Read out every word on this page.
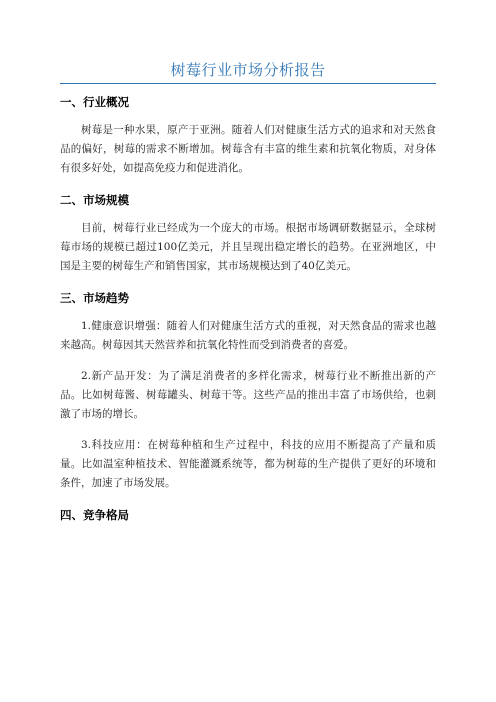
树莓行业市场分析报告

一、行业概况

树莓是一种水果，原产于亚洲。随着人们对健康生活方式的追求和对天然食品的偏好，树莓的需求不断增加。树莓含有丰富的维生素和抗氧化物质，对身体有很多好处，如提高免疫力和促进消化。

二、市场规模

目前，树莓行业已经成为一个庞大的市场。根据市场调研数据显示，全球树莓市场的规模已超过100亿美元，并且呈现出稳定增长的趋势。在亚洲地区，中国是主要的树莓生产和销售国家，其市场规模达到了40亿美元。

三、市场趋势

1.健康意识增强：随着人们对健康生活方式的重视，对天然食品的需求也越来越高。树莓因其天然营养和抗氧化特性而受到消费者的喜爱。

2.新产品开发：为了满足消费者的多样化需求，树莓行业不断推出新的产品。比如树莓酱、树莓罐头、树莓干等。这些产品的推出丰富了市场供给，也刺激了市场的增长。

3.科技应用：在树莓种植和生产过程中，科技的应用不断提高了产量和质量。比如温室种植技术、智能灌溉系统等，都为树莓的生产提供了更好的环境和条件，加速了市场发展。

四、竞争格局
